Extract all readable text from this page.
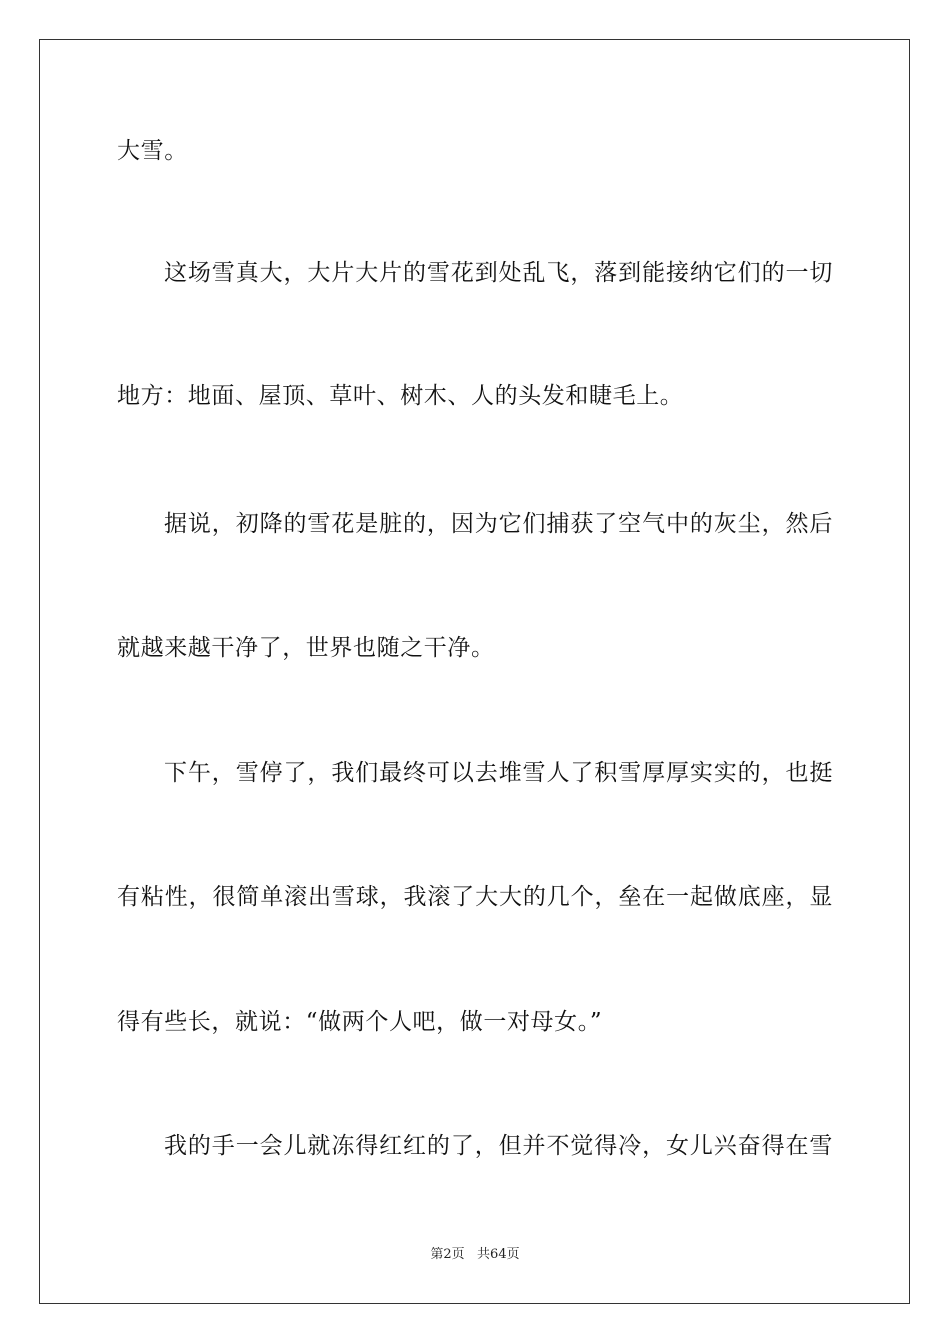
大雪。
这场雪真大，大片大片的雪花到处乱飞，落到能接纳它们的一切
地方：地面、屋顶、草叶、树木、人的头发和睫毛上。
据说，初降的雪花是脏的，因为它们捕获了空气中的灰尘，然后
就越来越干净了，世界也随之干净。
下午，雪停了，我们最终可以去堆雪人了积雪厚厚实实的，也挺
有粘性，很简单滚出雪球，我滚了大大的几个，垒在一起做底座，显
得有些长，就说：“做两个人吧，做一对母女。”
我的手一会儿就冻得红红的了，但并不觉得冷，女儿兴奋得在雪
第2页   共64页
